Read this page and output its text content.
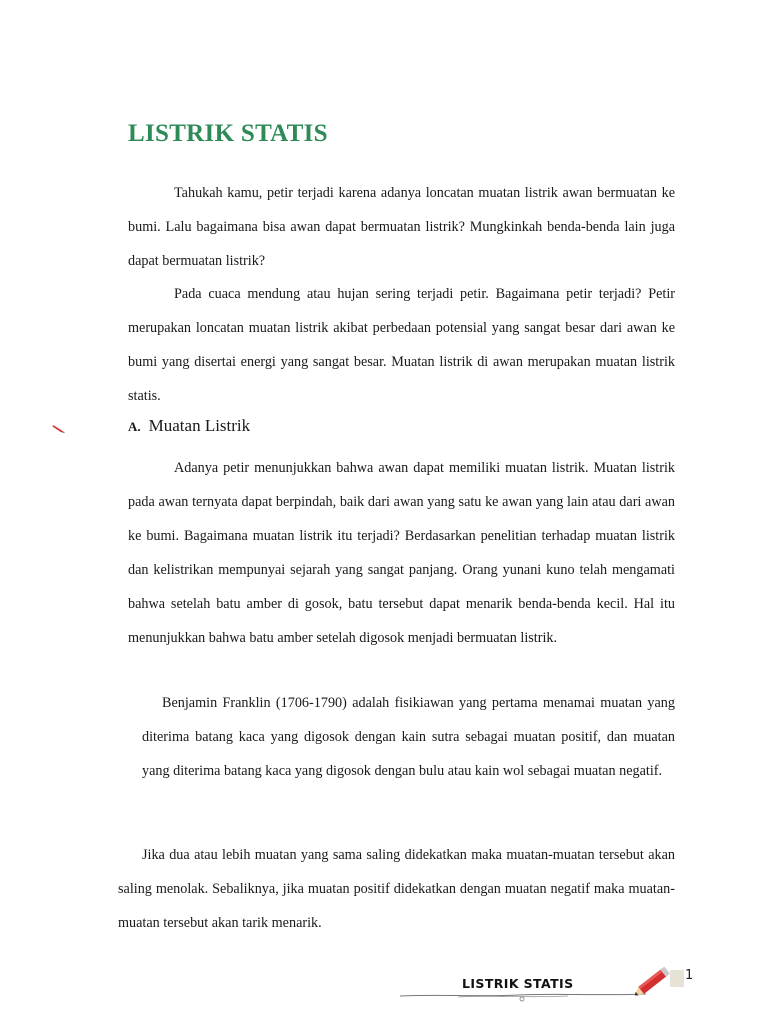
LISTRIK STATIS
Tahukah kamu, petir terjadi karena adanya loncatan muatan listrik awan bermuatan ke bumi. Lalu bagaimana bisa awan dapat bermuatan listrik? Mungkinkah benda-benda lain juga dapat bermuatan listrik?
Pada cuaca mendung atau hujan sering terjadi petir. Bagaimana petir terjadi? Petir merupakan loncatan muatan listrik akibat perbedaan potensial yang sangat besar dari awan ke bumi yang disertai energi yang sangat besar. Muatan listrik di awan merupakan muatan listrik statis.
A. Muatan Listrik
Adanya petir menunjukkan bahwa awan dapat memiliki muatan listrik. Muatan listrik pada awan ternyata dapat berpindah, baik dari awan yang satu ke awan yang lain atau dari awan ke bumi. Bagaimana muatan listrik itu terjadi? Berdasarkan penelitian terhadap muatan listrik dan kelistrikan mempunyai sejarah yang sangat panjang. Orang yunani kuno telah mengamati bahwa setelah batu amber di gosok, batu tersebut dapat menarik benda-benda kecil. Hal itu menunjukkan bahwa batu amber setelah digosok menjadi bermuatan listrik.
Benjamin Franklin (1706-1790) adalah fisikiawan yang pertama menamai muatan yang diterima batang kaca yang digosok dengan kain sutra sebagai muatan positif, dan muatan yang diterima batang kaca yang digosok dengan bulu atau kain wol sebagai muatan negatif.
Jika dua atau lebih muatan yang sama saling didekatkan maka muatan-muatan tersebut akan saling menolak. Sebaliknya, jika muatan positif didekatkan dengan muatan negatif maka muatan-muatan tersebut akan tarik menarik.
LISTRIK STATIS
1
